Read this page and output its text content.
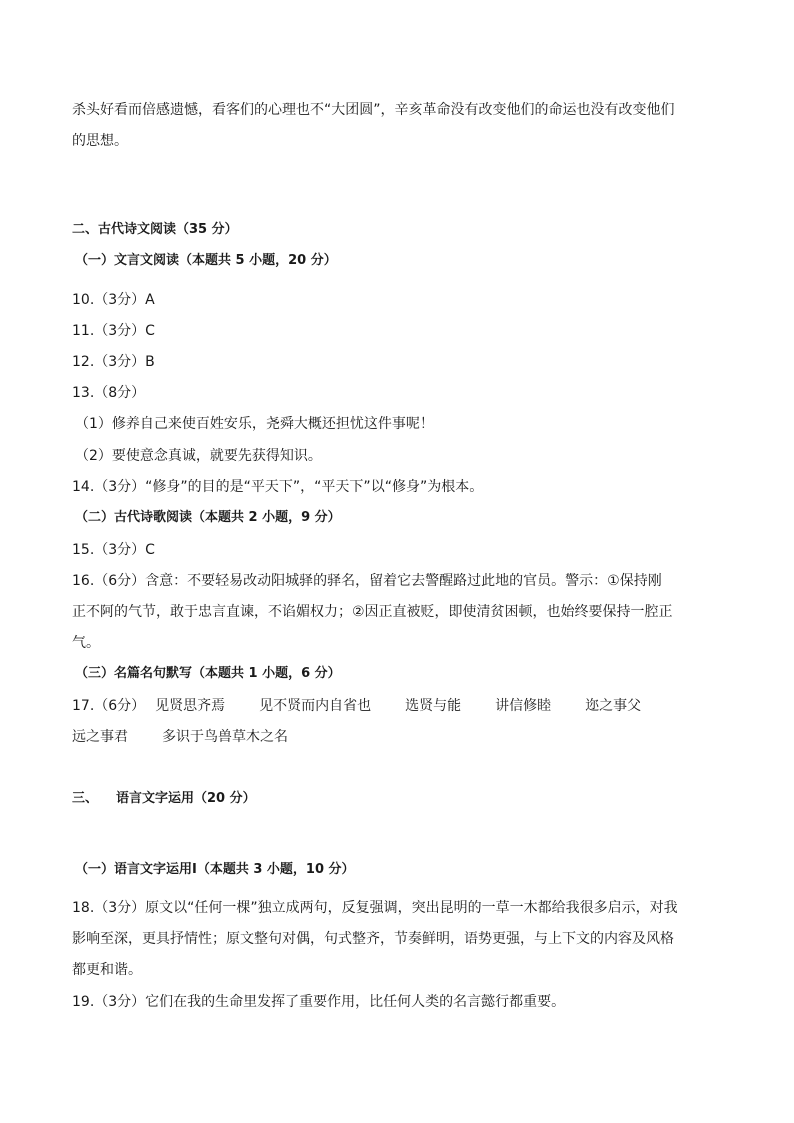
杀头好看而倍感遗憾，看客们的心理也不“大团圆”，辛亥革命没有改变他们的命运也没有改变他们

的思想。

二、古代诗文阅读（35 分）

（一）文言文阅读（本题共 5 小题，20 分）

10.（3分）A

11.（3分）C

12.（3分）B

13.（8分）

（1）修养自己来使百姓安乐，尧舜大概还担忧这件事呢！

（2）要使意念真诚，就要先获得知识。

14.（3分）“修身”的目的是“平天下”，“平天下”以“修身”为根本。

（二）古代诗歌阅读（本题共 2 小题，9 分）

15.（3分）C

16.（6分）含意：不要轻易改动阳城驿的驿名，留着它去警醒路过此地的官员。警示：①保持刚

正不阿的气节，敢于忠言直谏，不谄媚权力；②因正直被贬，即使清贫困顿，也始终要保持一腔正

气。

（三）名篇名句默写（本题共 1 小题，6 分）

17.（6分） 见贤思齐焉 见不贤而内自省也 选贤与能 讲信修睦 迩之事父

远之事君 多识于鸟兽草木之名

三、 语言文字运用（20 分）

（一）语言文字运用Ⅰ（本题共 3 小题，10 分）

18.（3分）原文以“任何一棵”独立成两句，反复强调，突出昆明的一草一木都给我很多启示，对我

影响至深，更具抒情性；原文整句对偶，句式整齐，节奏鲜明，语势更强，与上下文的内容及风格

都更和谐。

19.（3分）它们在我的生命里发挥了重要作用，比任何人类的名言懿行都重要。
